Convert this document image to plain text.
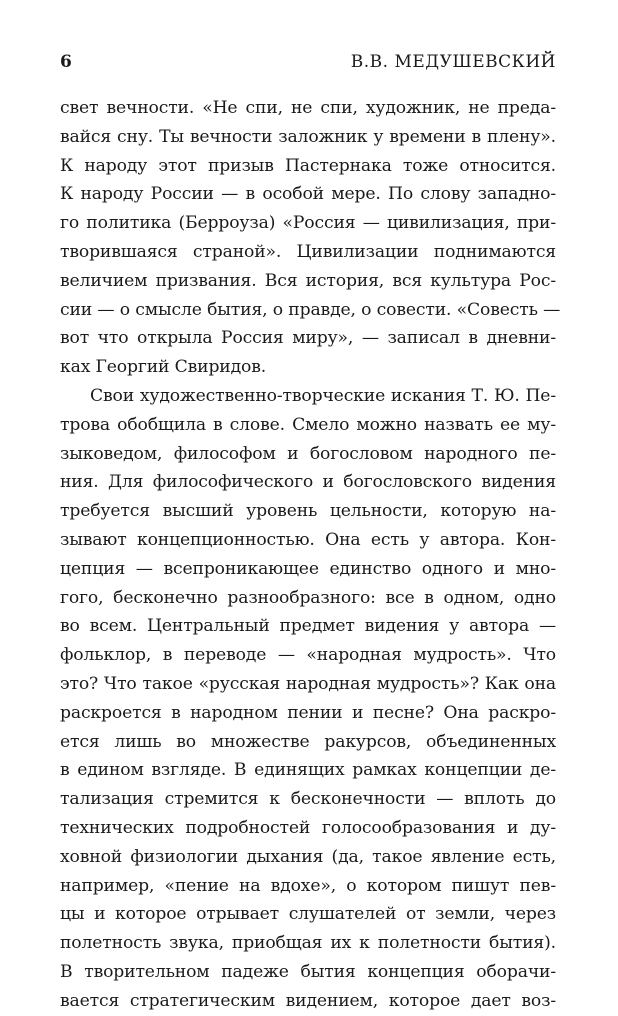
6	В.В. МЕДУШЕВСКИЙ
свет вечности. «Не спи, не спи, художник, не преда-
вайся сну. Ты вечности заложник у времени в плену».
К народу этот призыв Пастернака тоже относится.
К народу России — в особой мере. По слову западно-
го политика (Берроуза) «Россия — цивилизация, при-
творившаяся страной». Цивилизации поднимаются
величием призвания. Вся история, вся культура Рос-
сии — о смысле бытия, о правде, о совести. «Совесть —
вот что открыла Россия миру», — записал в дневни-
ках Георгий Свиридов.
Свои художественно-творческие искания Т. Ю. Пе-
трова обобщила в слове. Смело можно назвать ее му-
зыковедом, философом и богословом народного пе-
ния. Для философического и богословского видения
требуется высший уровень цельности, которую на-
зывают концепционностью. Она есть у автора. Кон-
цепция — всепроникающее единство одного и мно-
гого, бесконечно разнообразного: все в одном, одно
во всем. Центральный предмет видения у автора —
фольклор, в переводе — «народная мудрость». Что
это? Что такое «русская народная мудрость»? Как она
раскроется в народном пении и песне? Она раскро-
ется лишь во множестве ракурсов, объединенных
в едином взгляде. В единящих рамках концепции де-
тализация стремится к бесконечности — вплоть до
технических подробностей голосообразования и ду-
ховной физиологии дыхания (да, такое явление есть,
например, «пение на вдохе», о котором пишут пев-
цы и которое отрывает слушателей от земли, через
полетность звука, приобщая их к полетности бытия).
В творительном падеже бытия концепция оборачи-
вается стратегическим видением, которое дает воз-
